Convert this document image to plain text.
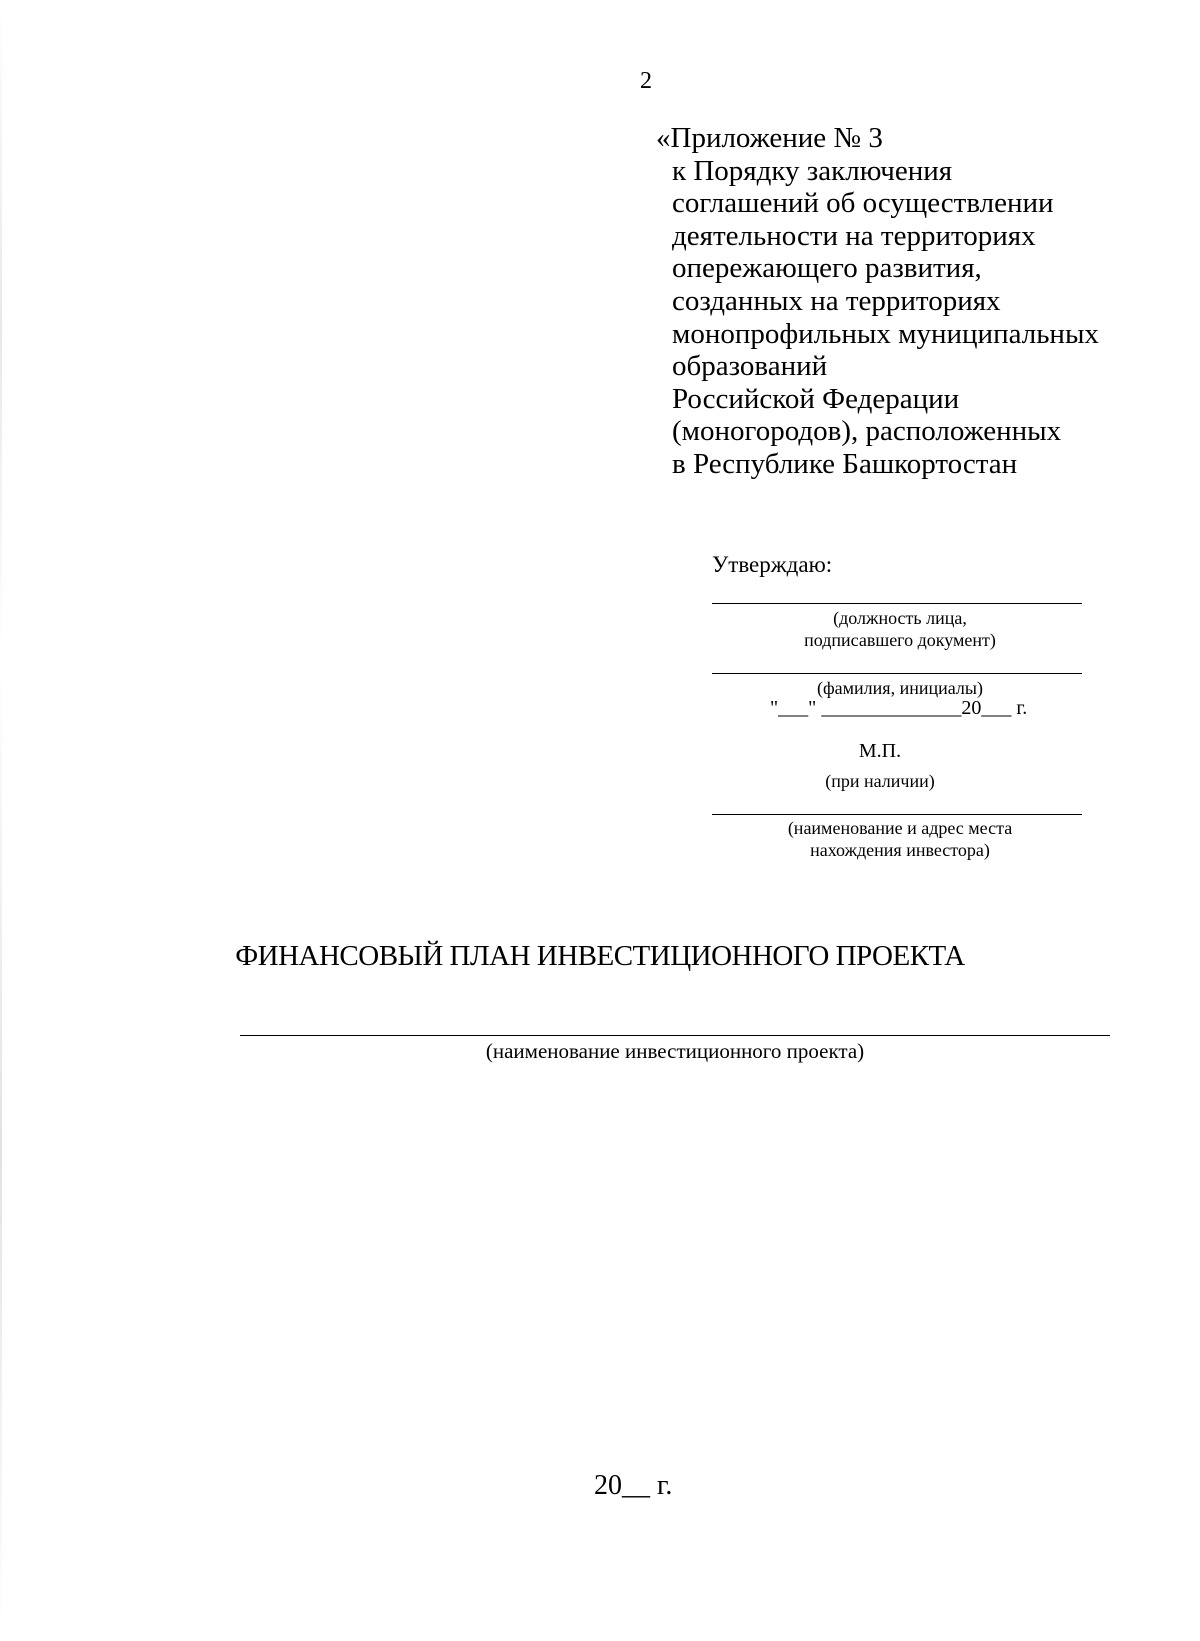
2
«Приложение № 3
к Порядку заключения
соглашений об осуществлении
деятельности на территориях
опережающего развития,
созданных на территориях
монопрофильных муниципальных
образований
Российской Федерации
(моногородов), расположенных
в Республике Башкортостан
Утверждаю:
(должность лица,
подписавшего документ)
(фамилия, инициалы)
"___" ______________20___ г.
М.П.
(при наличии)
(наименование и адрес места
нахождения инвестора)
ФИНАНСОВЫЙ ПЛАН ИНВЕСТИЦИОННОГО ПРОЕКТА
(наименование инвестиционного проекта)
20__ г.
